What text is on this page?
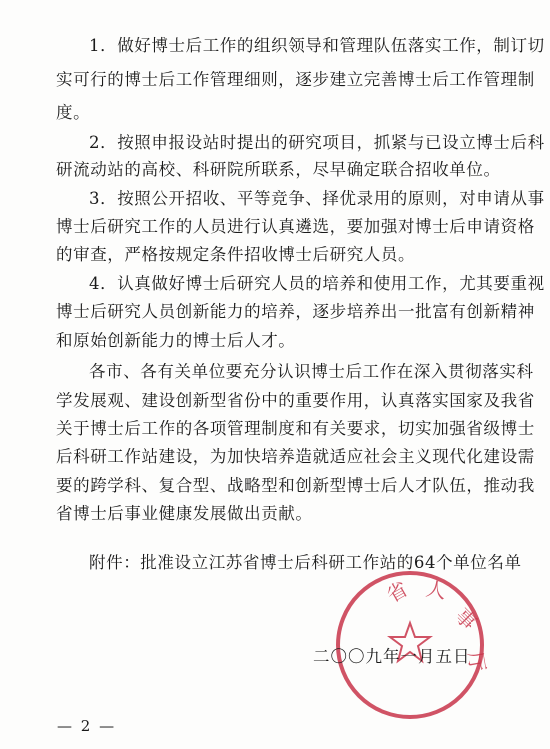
1．做好博士后工作的组织领导和管理队伍落实工作，制订切
实可行的博士后工作管理细则，逐步建立完善博士后工作管理制
度。
2．按照申报设站时提出的研究项目，抓紧与已设立博士后科
研流动站的高校、科研院所联系，尽早确定联合招收单位。
3．按照公开招收、平等竞争、择优录用的原则，对申请从事
博士后研究工作的人员进行认真遴选，要加强对博士后申请资格
的审查，严格按规定条件招收博士后研究人员。
4．认真做好博士后研究人员的培养和使用工作，尤其要重视
博士后研究人员创新能力的培养，逐步培养出一批富有创新精神
和原始创新能力的博士后人才。
各市、各有关单位要充分认识博士后工作在深入贯彻落实科
学发展观、建设创新型省份中的重要作用，认真落实国家及我省
关于博士后工作的各项管理制度和有关要求，切实加强省级博士
后科研工作站建设，为加快培养造就适应社会主义现代化建设需
要的跨学科、复合型、战略型和创新型博士后人才队伍，推动我
省博士后事业健康发展做出贡献。
附件：批准设立江苏省博士后科研工作站的64个单位名单
省 人
事
厅
二〇〇九年一月五日
— 2 —
